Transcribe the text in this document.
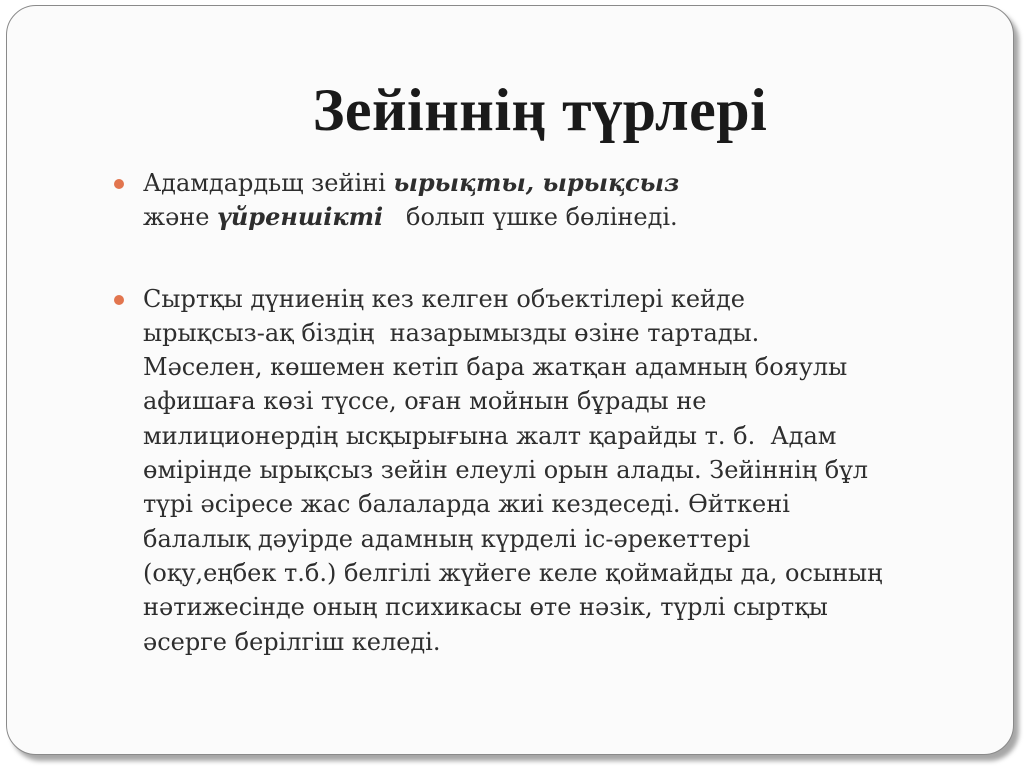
Зейіннің түрлері
Адамдардьщ зейіні ырықты, ырықсыз
және үйреншікті   болып үшке бөлінеді.
Сыртқы дүниенің кез келген объектілері кейде
ырықсыз-ақ біздің  назарымызды өзіне тартады.
Мәселен, көшемен кетіп бара жатқан адамның бояулы
афишаға көзі түссе, оған мойнын бұрады не
милиционердің ысқырығына жалт қарайды т. б.  Адам
өмірінде ырықсыз зейін елеулі орын алады. Зейіннің бұл
түрі әсіресе жас балаларда жиі кездеседі. Өйткені
балалық дәуірде адамның күрделі іс-әрекеттері
(оқу,еңбек т.б.) белгілі жүйеге келе қоймайды да, осының
нәтижесінде оның психикасы өте нәзік, түрлі сыртқы
әсерге берілгіш келеді.
